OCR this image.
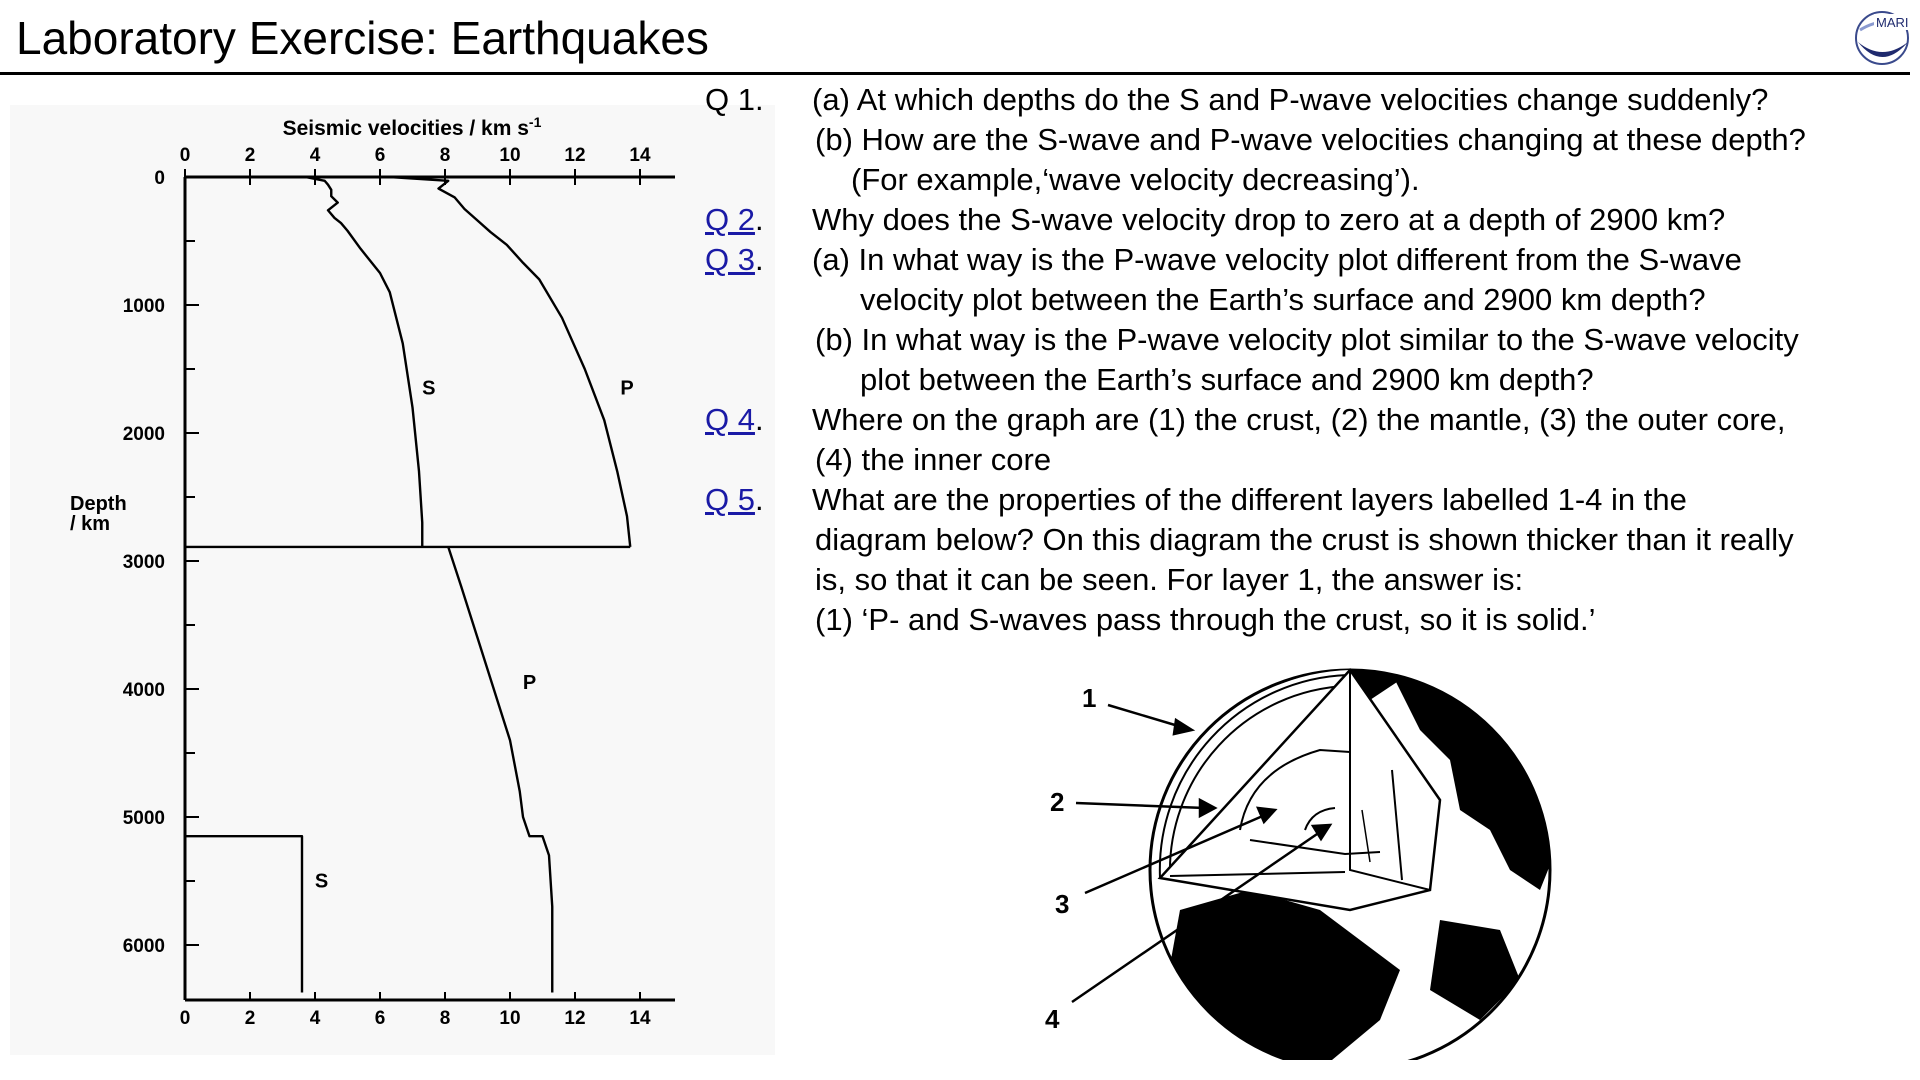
Laboratory Exercise: Earthquakes	MARI
0
0
2
2
4
4
6
6
8
8
10
10
12
12
14
14
0
1000
2000
3000
4000
5000
6000
Seismic velocities / km $s^{-1}$
Depth
/ km
S	P
P
S
Q 1. (a) At which depths do the S and P-wave velocities change suddenly?
(b) How are the S-wave and P-wave velocities changing at these depth?
(For example,‘wave velocity decreasing’).
Q 2. Why does the S-wave velocity drop to zero at a depth of 2900 km?
Q 3. (a) In what way is the P-wave velocity plot different from the S-wave
velocity plot between the Earth’s surface and 2900 km depth?
(b) In what way is the P-wave velocity plot similar to the S-wave velocity
plot between the Earth’s surface and 2900 km depth?
Q 4. Where on the graph are (1) the crust, (2) the mantle, (3) the outer core,
(4) the inner core
Q 5. What are the properties of the different layers labelled 1-4 in the
diagram below? On this diagram the crust is shown thicker than it really
is, so that it can be seen. For layer 1, the answer is:
(1) ‘P- and S-waves pass through the crust, so it is solid.’
1
2
3
4
